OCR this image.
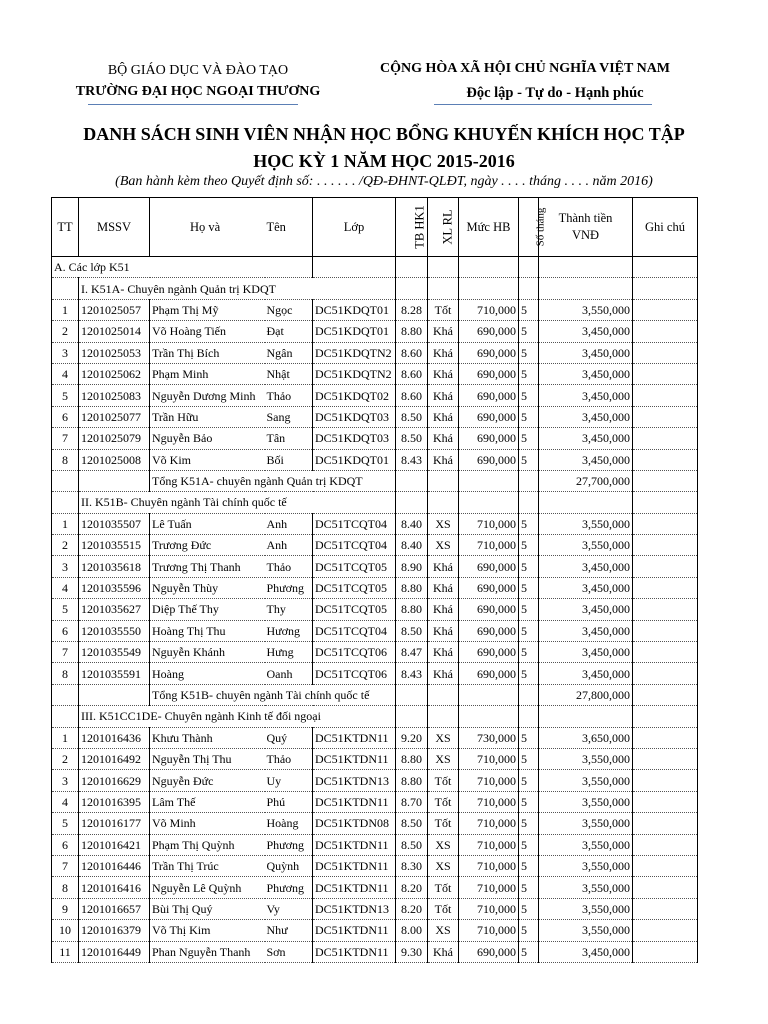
BỘ GIÁO DỤC VÀ ĐÀO TẠO
TRƯỜNG ĐẠI HỌC NGOẠI THƯƠNG
CỘNG HÒA XÃ HỘI CHỦ NGHĨA VIỆT NAM
Độc lập - Tự do - Hạnh phúc
DANH SÁCH SINH VIÊN NHẬN HỌC BỔNG KHUYẾN KHÍCH HỌC TẬP
HỌC KỲ 1 NĂM HỌC 2015-2016
(Ban hành kèm theo Quyết định số: . . . . . . /QĐ-ĐHNT-QLĐT, ngày . . . . tháng . . . . năm 2016)
TT	MSSV	Họ và	Tên	Lớp	TB HK1	XL RL	Mức HB	Số tháng	Thành tiền
VNĐ	Ghi chú
A. Các lớp K51										
	I. K51A- Chuyên ngành Quản trị KDQT									
1	1201025057	Phạm Thị Mỹ	Ngọc	DC51KDQT01	8.28	Tốt	710,000	5	3,550,000	
2	1201025014	Võ Hoàng Tiến	Đạt	DC51KDQT01	8.80	Khá	690,000	5	3,450,000	
3	1201025053	Trần Thị Bích	Ngân	DC51KDQTN2	8.60	Khá	690,000	5	3,450,000	
4	1201025062	Phạm Minh	Nhật	DC51KDQTN2	8.60	Khá	690,000	5	3,450,000	
5	1201025083	Nguyễn Dương Minh	Thảo	DC51KDQT02	8.60	Khá	690,000	5	3,450,000	
6	1201025077	Trần Hữu	Sang	DC51KDQT03	8.50	Khá	690,000	5	3,450,000	
7	1201025079	Nguyễn Bảo	Tân	DC51KDQT03	8.50	Khá	690,000	5	3,450,000	
8	1201025008	Võ Kim	Bối	DC51KDQT01	8.43	Khá	690,000	5	3,450,000	
		Tổng K51A- chuyên ngành Quản trị KDQT							27,700,000	
	II. K51B- Chuyên ngành Tài chính quốc tế									
1	1201035507	Lê Tuấn	Anh	DC51TCQT04	8.40	XS	710,000	5	3,550,000	
2	1201035515	Trương Đức	Anh	DC51TCQT04	8.40	XS	710,000	5	3,550,000	
3	1201035618	Trương Thị Thanh	Thảo	DC51TCQT05	8.90	Khá	690,000	5	3,450,000	
4	1201035596	Nguyễn Thùy	Phương	DC51TCQT05	8.80	Khá	690,000	5	3,450,000	
5	1201035627	Diệp Thế Thy	Thy	DC51TCQT05	8.80	Khá	690,000	5	3,450,000	
6	1201035550	Hoàng Thị Thu	Hương	DC51TCQT04	8.50	Khá	690,000	5	3,450,000	
7	1201035549	Nguyễn Khánh	Hưng	DC51TCQT06	8.47	Khá	690,000	5	3,450,000	
8	1201035591	Hoàng	Oanh	DC51TCQT06	8.43	Khá	690,000	5	3,450,000	
		Tổng K51B- chuyên ngành Tài chính quốc tế							27,800,000	
	III. K51CC1DE- Chuyên ngành Kinh tế đối ngoại									
1	1201016436	Khưu Thành	Quý	DC51KTDN11	9.20	XS	730,000	5	3,650,000	
2	1201016492	Nguyễn Thị Thu	Thảo	DC51KTDN11	8.80	XS	710,000	5	3,550,000	
3	1201016629	Nguyễn Đức	Uy	DC51KTDN13	8.80	Tốt	710,000	5	3,550,000	
4	1201016395	Lâm Thế	Phú	DC51KTDN11	8.70	Tốt	710,000	5	3,550,000	
5	1201016177	Võ Minh	Hoàng	DC51KTDN08	8.50	Tốt	710,000	5	3,550,000	
6	1201016421	Phạm Thị Quỳnh	Phương	DC51KTDN11	8.50	XS	710,000	5	3,550,000	
7	1201016446	Trần Thị Trúc	Quỳnh	DC51KTDN11	8.30	XS	710,000	5	3,550,000	
8	1201016416	Nguyễn Lê Quỳnh	Phương	DC51KTDN11	8.20	Tốt	710,000	5	3,550,000	
9	1201016657	Bùi Thị Quý	Vy	DC51KTDN13	8.20	Tốt	710,000	5	3,550,000	
10	1201016379	Võ Thị Kim	Như	DC51KTDN11	8.00	XS	710,000	5	3,550,000	
11	1201016449	Phan Nguyễn Thanh	Sơn	DC51KTDN11	9.30	Khá	690,000	5	3,450,000	
